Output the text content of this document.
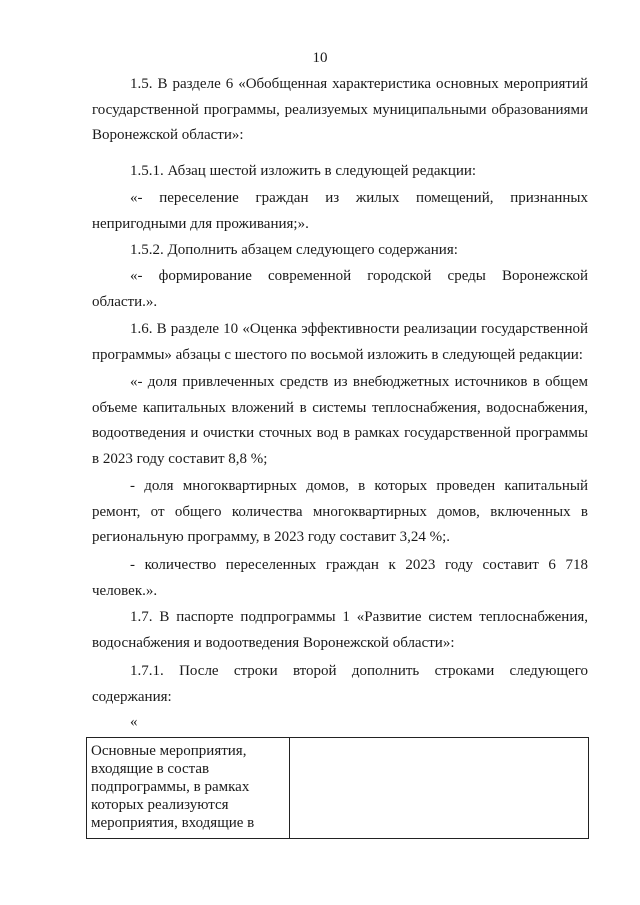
10

1.5. В разделе 6 «Обобщенная характеристика основных мероприятий государственной программы, реализуемых муниципальными образованиями Воронежской области»:

1.5.1. Абзац шестой изложить в следующей редакции:

«- переселение граждан из жилых помещений, признанных непригодными для проживания;».

1.5.2. Дополнить абзацем следующего содержания:

«- формирование современной городской среды Воронежской области.».

1.6. В разделе 10 «Оценка эффективности реализации государственной программы» абзацы с шестого по восьмой изложить в следующей редакции:

«- доля привлеченных средств из внебюджетных источников в общем объеме капитальных вложений в системы теплоснабжения, водоснабжения, водоотведения и очистки сточных вод в рамках государственной программы в 2023 году составит 8,8 %;

- доля многоквартирных домов, в которых проведен капитальный ремонт, от общего количества многоквартирных домов, включенных в региональную программу, в 2023 году составит 3,24 %;.

- количество переселенных граждан к 2023 году составит 6 718 человек.».

1.7. В паспорте подпрограммы 1 «Развитие систем теплоснабжения, водоснабжения и водоотведения Воронежской области»:

1.7.1. После строки второй дополнить строками следующего содержания:

«
Основные мероприятия, входящие в состав подпрограммы, в рамках которых реализуются мероприятия, входящие в	
